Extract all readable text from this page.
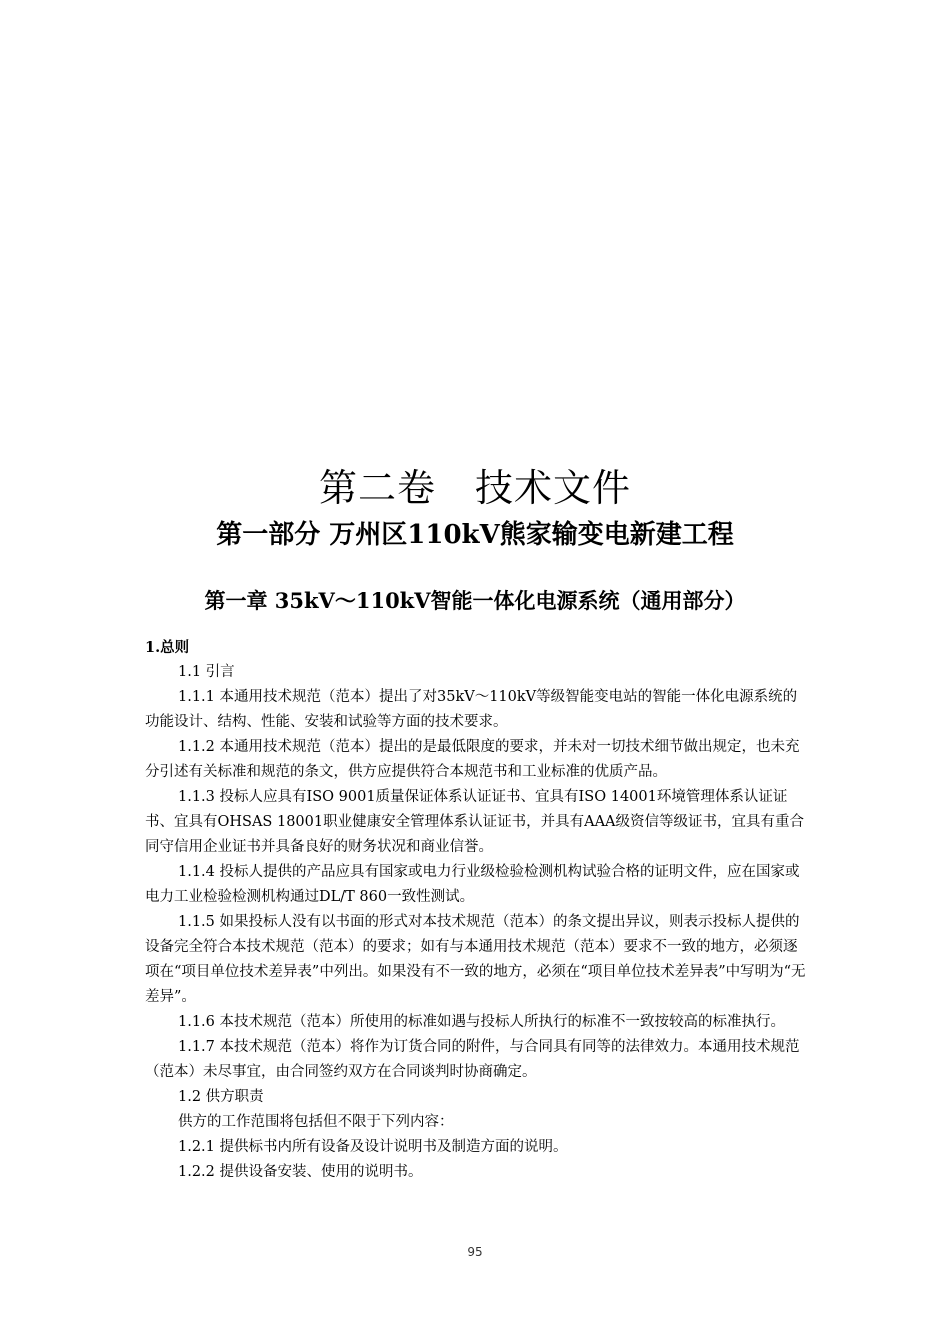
第二卷　技术文件
第一部分 万州区110kV熊家输变电新建工程
第一章 35kV～110kV智能一体化电源系统（通用部分）

1.总则

1.1 引言

1.1.1 本通用技术规范（范本）提出了对35kV～110kV等级智能变电站的智能一体化电源系统的功能设计、结构、性能、安装和试验等方面的技术要求。

1.1.2 本通用技术规范（范本）提出的是最低限度的要求，并未对一切技术细节做出规定，也未充分引述有关标准和规范的条文，供方应提供符合本规范书和工业标准的优质产品。

1.1.3 投标人应具有ISO 9001质量保证体系认证证书、宜具有ISO 14001环境管理体系认证证书、宜具有OHSAS 18001职业健康安全管理体系认证证书，并具有AAA级资信等级证书，宜具有重合同守信用企业证书并具备良好的财务状况和商业信誉。

1.1.4 投标人提供的产品应具有国家或电力行业级检验检测机构试验合格的证明文件，应在国家或电力工业检验检测机构通过DL/T 860一致性测试。

1.1.5 如果投标人没有以书面的形式对本技术规范（范本）的条文提出异议，则表示投标人提供的设备完全符合本技术规范（范本）的要求；如有与本通用技术规范（范本）要求不一致的地方，必须逐项在“项目单位技术差异表”中列出。如果没有不一致的地方，必须在“项目单位技术差异表”中写明为“无差异”。

1.1.6 本技术规范（范本）所使用的标准如遇与投标人所执行的标准不一致按较高的标准执行。

1.1.7 本技术规范（范本）将作为订货合同的附件，与合同具有同等的法律效力。本通用技术规范（范本）未尽事宜，由合同签约双方在合同谈判时协商确定。

1.2 供方职责

供方的工作范围将包括但不限于下列内容：

1.2.1 提供标书内所有设备及设计说明书及制造方面的说明。

1.2.2 提供设备安装、使用的说明书。

95
